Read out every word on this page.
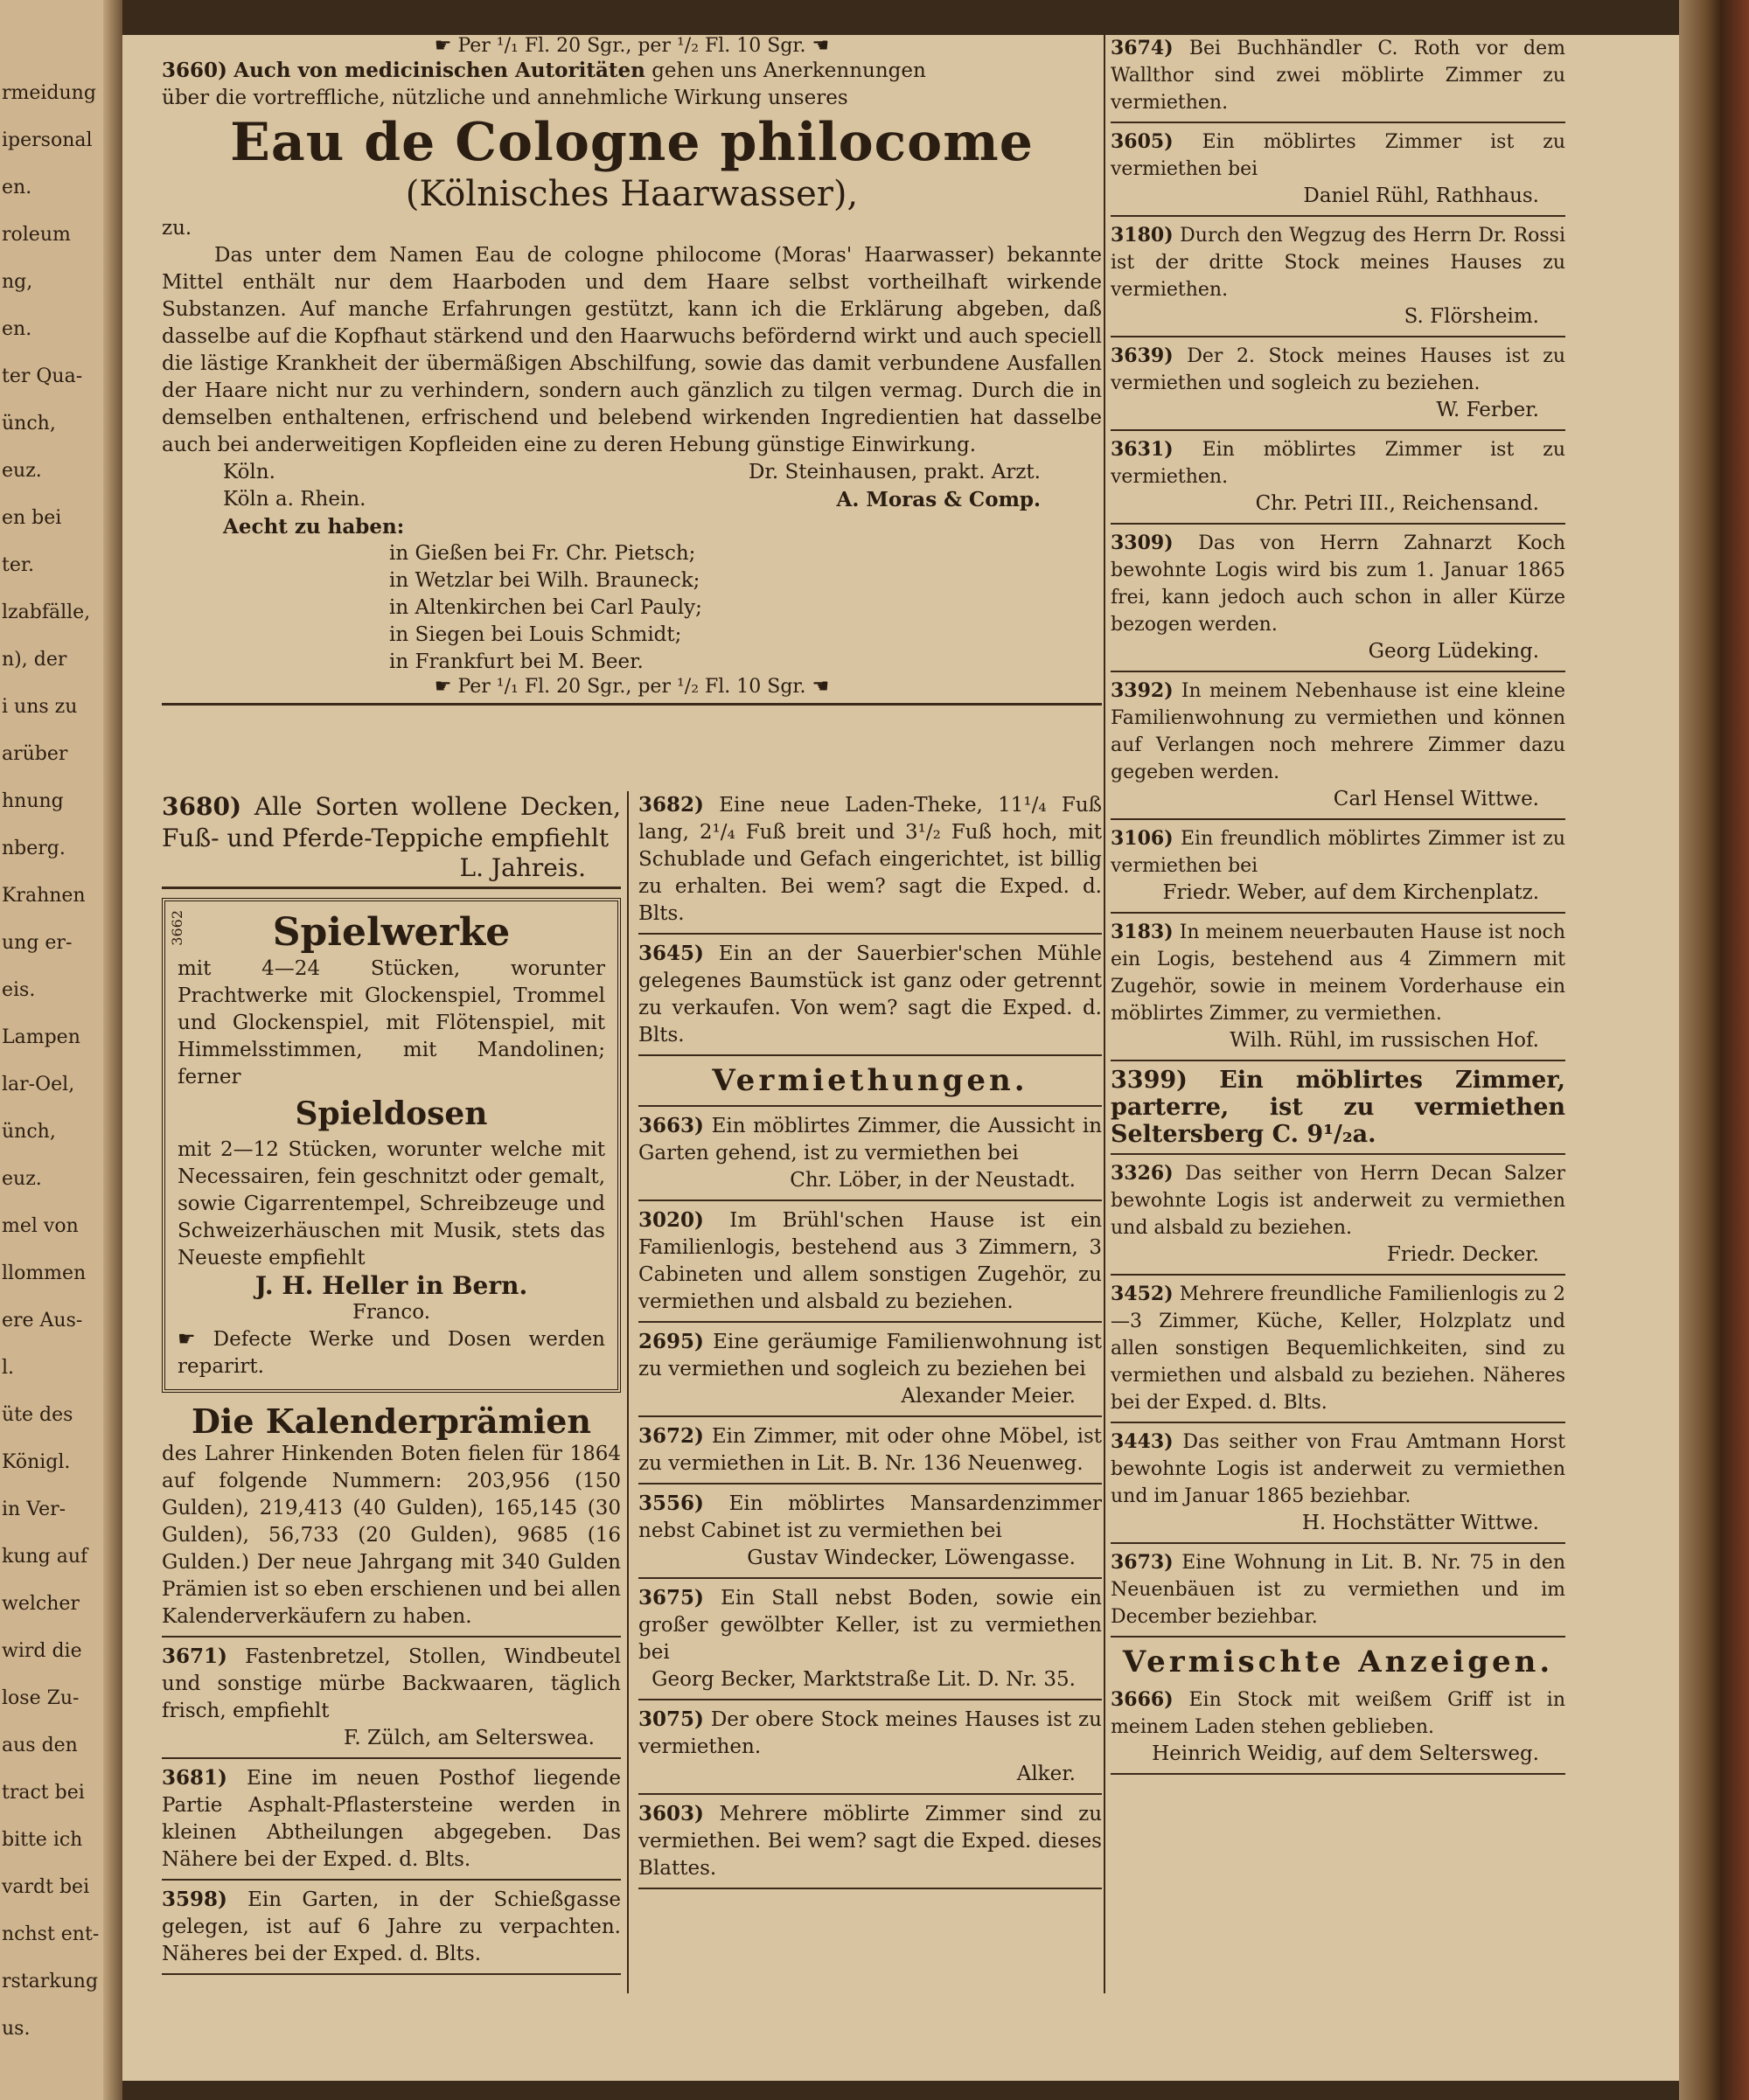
rmeidung
ipersonal
en.
roleum
ng,
en.
ter Qua-
ünch,
euz.
en bei
ter.
lzabfälle,
n), der
i uns zu
arüber
hnung
nberg.
Krahnen
ung er-
eis.
Lampen
lar-Oel,
ünch,
euz.
mel von
llommen
ere Aus-
l.
üte des
Königl.
in Ver-
kung auf
welcher
wird die
lose Zu-
aus den
tract bei
bitte ich
vardt bei
nchst ent-
rstarkung
us.
☛ Per ¹/₁ Fl. 20 Sgr., per ¹/₂ Fl. 10 Sgr. ☚
3660) Auch von medicinischen Autoritäten gehen uns Anerkennungen
über die vortreffliche, nützliche und annehmliche Wirkung unseres
Eau de Cologne philocome
(Kölnisches Haarwasser),
zu.
Das unter dem Namen Eau de cologne philocome (Moras' Haarwasser) bekannte Mittel enthält nur dem Haarboden und dem Haare selbst vortheilhaft wirkende Substanzen. Auf manche Erfahrungen gestützt, kann ich die Erklärung abgeben, daß dasselbe auf die Kopfhaut stärkend und den Haarwuchs befördernd wirkt und auch speciell die lästige Krankheit der übermäßigen Abschilfung, sowie das damit verbundene Ausfallen der Haare nicht nur zu verhindern, sondern auch gänzlich zu tilgen vermag. Durch die in demselben enthaltenen, erfrischend und belebend wirkenden Ingredientien hat dasselbe auch bei anderweitigen Kopfleiden eine zu deren Hebung günstige Einwirkung.
Köln.	Dr. Steinhausen, prakt. Arzt.
Köln a. Rhein.	A. Moras & Comp.
Aecht zu haben:
in Gießen bei Fr. Chr. Pietsch;
in Wetzlar bei Wilh. Brauneck;
in Altenkirchen bei Carl Pauly;
in Siegen bei Louis Schmidt;
in Frankfurt bei M. Beer.
☛ Per ¹/₁ Fl. 20 Sgr., per ¹/₂ Fl. 10 Sgr. ☚
3680) Alle Sorten wollene Decken, Fuß- und Pferde-Teppiche empfiehlt
L. Jahreis.
3662	Spielwerke
mit 4—24 Stücken, worunter Prachtwerke mit Glockenspiel, Trommel und Glockenspiel, mit Flötenspiel, mit Himmelsstimmen, mit Mandolinen; ferner
Spieldosen
mit 2—12 Stücken, worunter welche mit Necessairen, fein geschnitzt oder gemalt, sowie Cigarrentempel, Schreibzeuge und Schweizerhäuschen mit Musik, stets das Neueste empfiehlt
J. H. Heller in Bern.
Franco.
☛ Defecte Werke und Dosen werden reparirt.
Die Kalenderprämien
des Lahrer Hinkenden Boten fielen für 1864 auf folgende Nummern: 203,956 (150 Gulden), 219,413 (40 Gulden), 165,145 (30 Gulden), 56,733 (20 Gulden), 9685 (16 Gulden.) Der neue Jahrgang mit 340 Gulden Prämien ist so eben erschienen und bei allen Kalenderverkäufern zu haben.
3671) Fastenbretzel, Stollen, Windbeutel und sonstige mürbe Backwaaren, täglich frisch, empfiehlt
F. Zülch, am Selterswea.
3681) Eine im neuen Posthof liegende Partie Asphalt-Pflastersteine werden in kleinen Abtheilungen abgegeben. Das Nähere bei der Exped. d. Blts.
3598) Ein Garten, in der Schießgasse gelegen, ist auf 6 Jahre zu verpachten. Näheres bei der Exped. d. Blts.
3682) Eine neue Laden-Theke, 11¹/₄ Fuß lang, 2¹/₄ Fuß breit und 3¹/₂ Fuß hoch, mit Schublade und Gefach eingerichtet, ist billig zu erhalten. Bei wem? sagt die Exped. d. Blts.
3645) Ein an der Sauerbier'schen Mühle gelegenes Baumstück ist ganz oder getrennt zu verkaufen. Von wem? sagt die Exped. d. Blts.
Vermiethungen.
3663) Ein möblirtes Zimmer, die Aussicht in Garten gehend, ist zu vermiethen bei
Chr. Löber, in der Neustadt.
3020) Im Brühl'schen Hause ist ein Familienlogis, bestehend aus 3 Zimmern, 3 Cabineten und allem sonstigen Zugehör, zu vermiethen und alsbald zu beziehen.
2695) Eine geräumige Familienwohnung ist zu vermiethen und sogleich zu beziehen bei
Alexander Meier.
3672) Ein Zimmer, mit oder ohne Möbel, ist zu vermiethen in Lit. B. Nr. 136 Neuenweg.
3556) Ein möblirtes Mansardenzimmer nebst Cabinet ist zu vermiethen bei
Gustav Windecker, Löwengasse.
3675) Ein Stall nebst Boden, sowie ein großer gewölbter Keller, ist zu vermiethen bei
Georg Becker, Marktstraße Lit. D. Nr. 35.
3075) Der obere Stock meines Hauses ist zu vermiethen.
Alker.
3603) Mehrere möblirte Zimmer sind zu vermiethen. Bei wem? sagt die Exped. dieses Blattes.
3674) Bei Buchhändler C. Roth vor dem Wallthor sind zwei möblirte Zimmer zu vermiethen.
3605) Ein möblirtes Zimmer ist zu vermiethen bei
Daniel Rühl, Rathhaus.
3180) Durch den Wegzug des Herrn Dr. Rossi ist der dritte Stock meines Hauses zu vermiethen.
S. Flörsheim.
3639) Der 2. Stock meines Hauses ist zu vermiethen und sogleich zu beziehen.
W. Ferber.
3631) Ein möblirtes Zimmer ist zu vermiethen.
Chr. Petri III., Reichensand.
3309) Das von Herrn Zahnarzt Koch bewohnte Logis wird bis zum 1. Januar 1865 frei, kann jedoch auch schon in aller Kürze bezogen werden.
Georg Lüdeking.
3392) In meinem Nebenhause ist eine kleine Familienwohnung zu vermiethen und können auf Verlangen noch mehrere Zimmer dazu gegeben werden.
Carl Hensel Wittwe.
3106) Ein freundlich möblirtes Zimmer ist zu vermiethen bei
Friedr. Weber, auf dem Kirchenplatz.
3183) In meinem neuerbauten Hause ist noch ein Logis, bestehend aus 4 Zimmern mit Zugehör, sowie in meinem Vorderhause ein möblirtes Zimmer, zu vermiethen.
Wilh. Rühl, im russischen Hof.
3399) Ein möblirtes Zimmer, parterre, ist zu vermiethen Seltersberg C. 9¹/₂a.
3326) Das seither von Herrn Decan Salzer bewohnte Logis ist anderweit zu vermiethen und alsbald zu beziehen.
Friedr. Decker.
3452) Mehrere freundliche Familienlogis zu 2—3 Zimmer, Küche, Keller, Holzplatz und allen sonstigen Bequemlichkeiten, sind zu vermiethen und alsbald zu beziehen. Näheres bei der Exped. d. Blts.
3443) Das seither von Frau Amtmann Horst bewohnte Logis ist anderweit zu vermiethen und im Januar 1865 beziehbar.
H. Hochstätter Wittwe.
3673) Eine Wohnung in Lit. B. Nr. 75 in den Neuenbäuen ist zu vermiethen und im December beziehbar.
Vermischte Anzeigen.
3666) Ein Stock mit weißem Griff ist in meinem Laden stehen geblieben.
Heinrich Weidig, auf dem Seltersweg.
